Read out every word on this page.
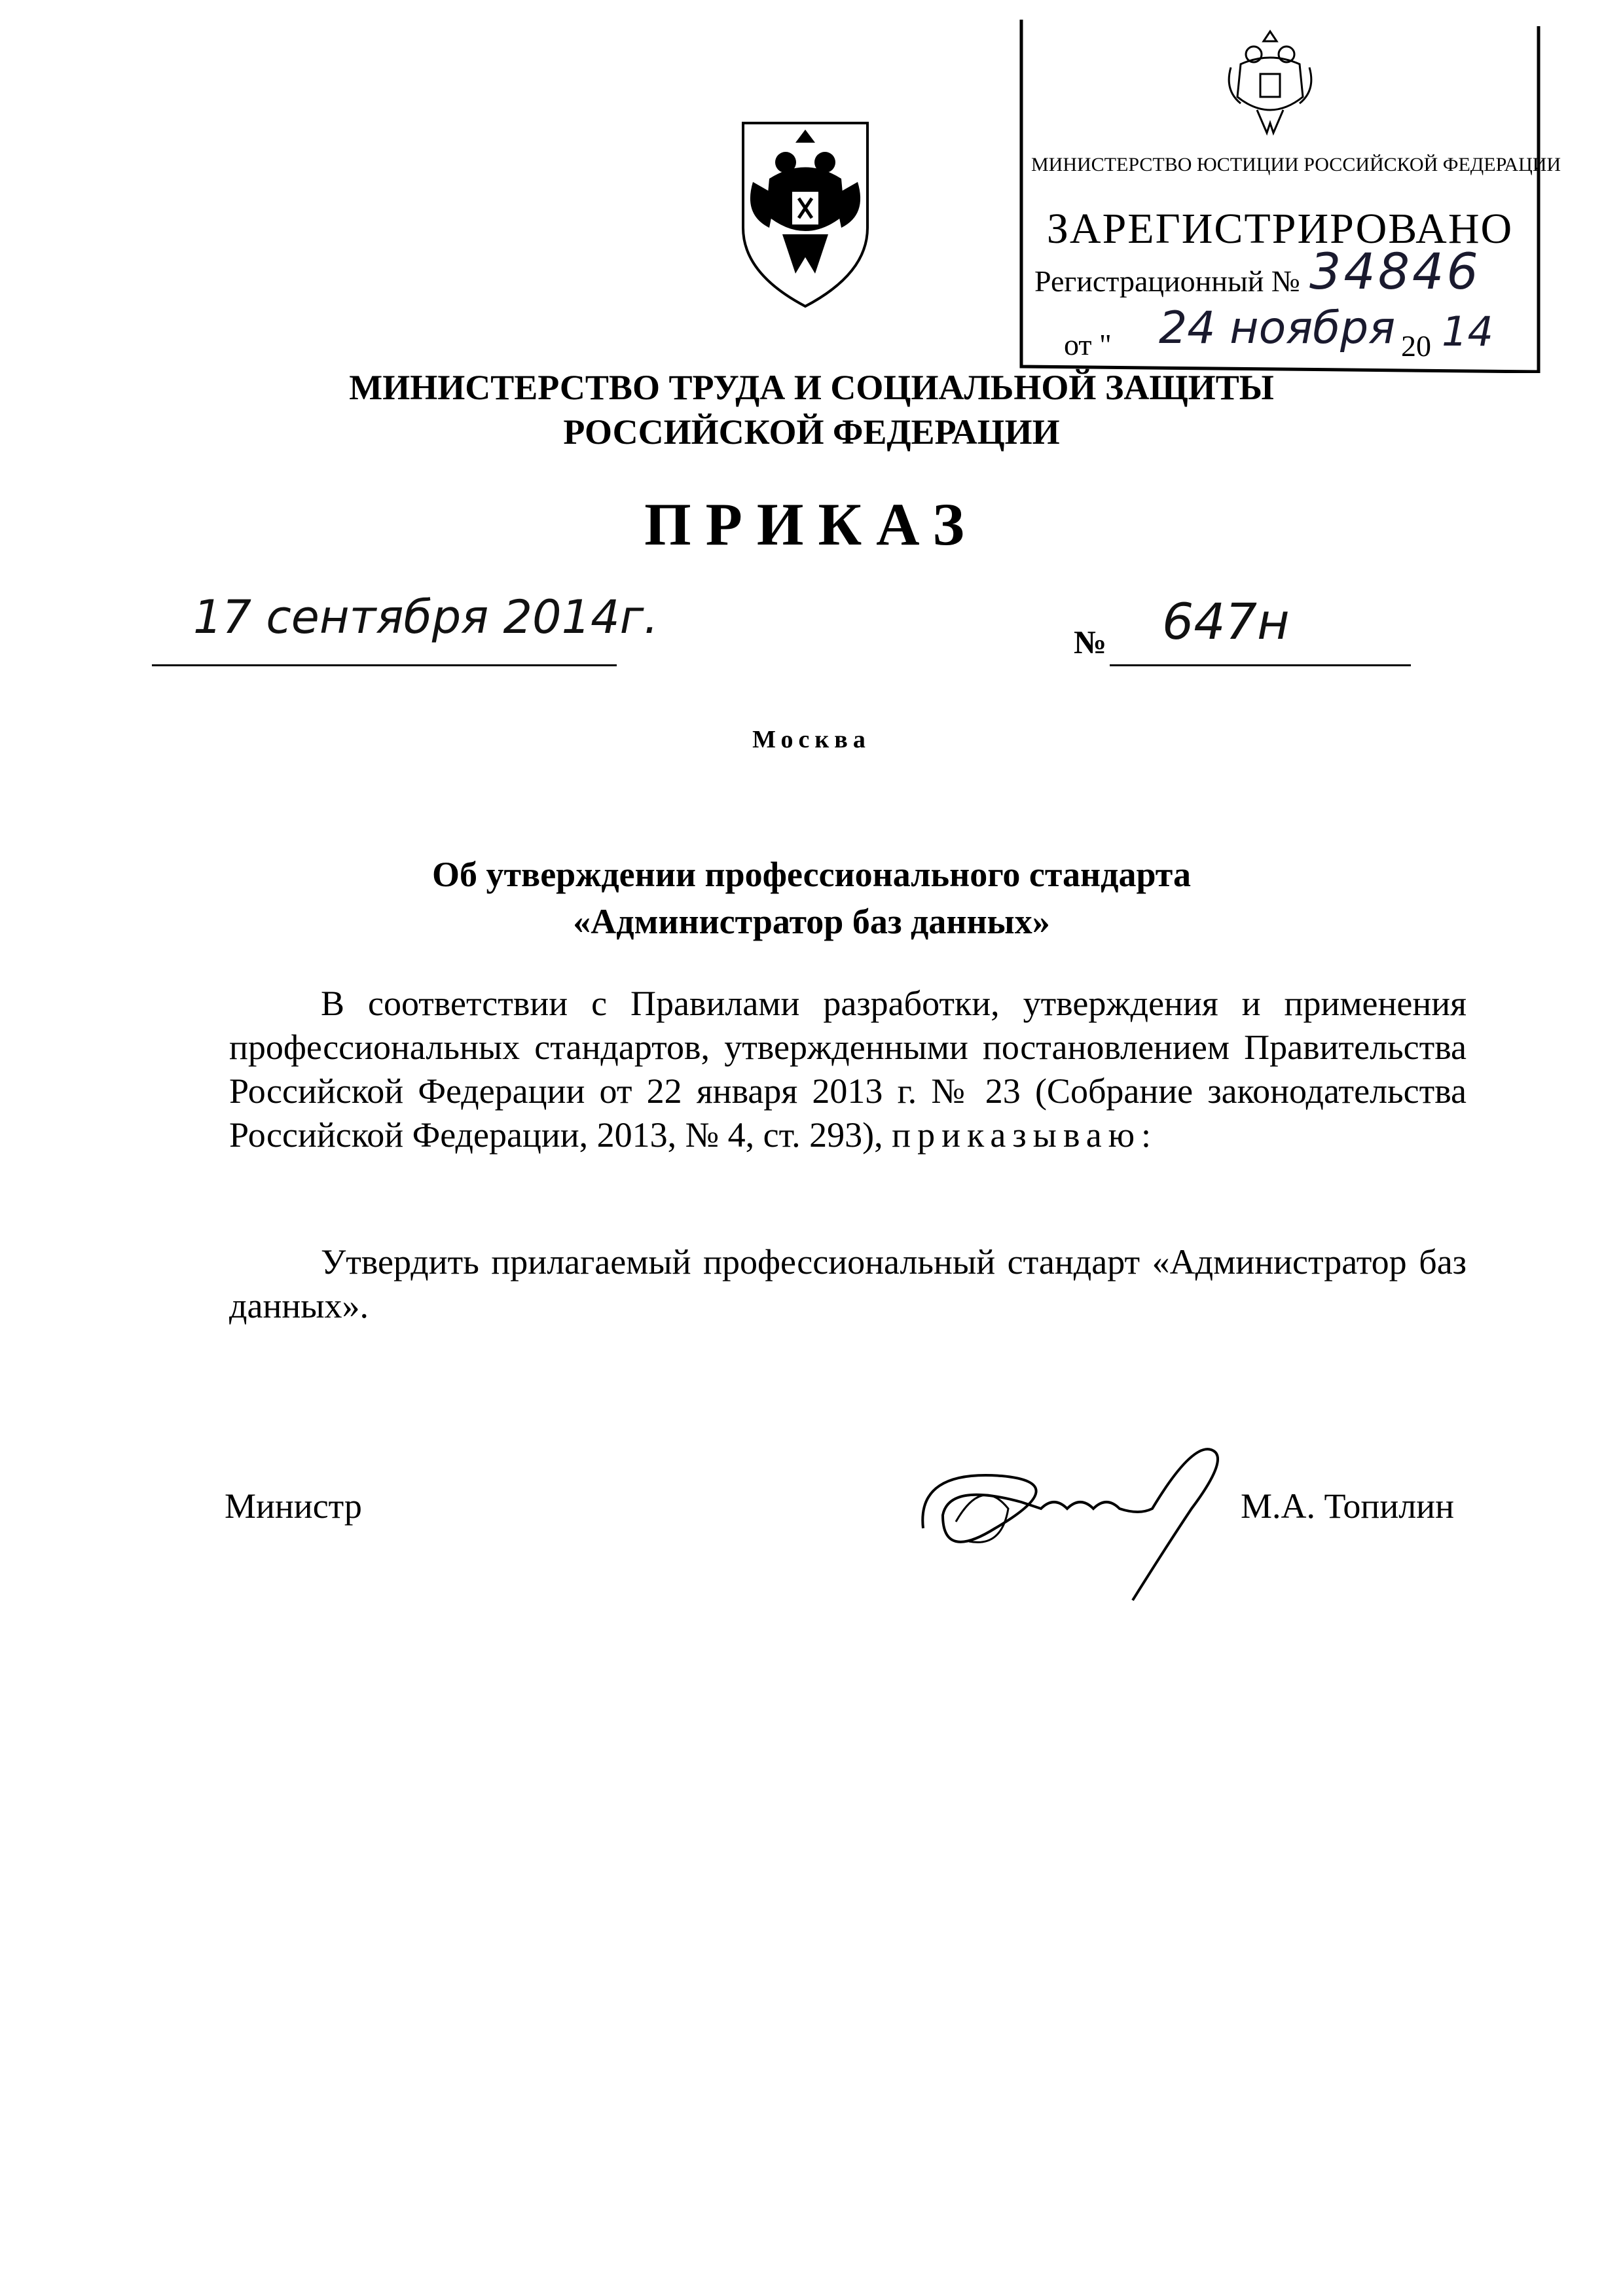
МИНИСТЕРСТВО ЮСТИЦИИ РОССИЙСКОЙ ФЕДЕРАЦИИ
ЗАРЕГИСТРИРОВАНО
Регистрационный № 34846
от " 24 ноября 20 14
МИНИСТЕРСТВО ТРУДА И СОЦИАЛЬНОЙ ЗАЩИТЫ
РОССИЙСКОЙ ФЕДЕРАЦИИ
ПРИКАЗ
17 сентября 2014г.	№ 647н
Москва
Об утверждении профессионального стандарта
«Администратор баз данных»
В соответствии с Правилами разработки, утверждения и применения профессиональных стандартов, утвержденными постановлением Правительства Российской Федерации от 22 января 2013 г. № 23 (Собрание законодательства Российской Федерации, 2013, № 4, ст. 293), приказываю:
Утвердить прилагаемый профессиональный стандарт «Администратор баз данных».
Министр	М.А. Топилин
